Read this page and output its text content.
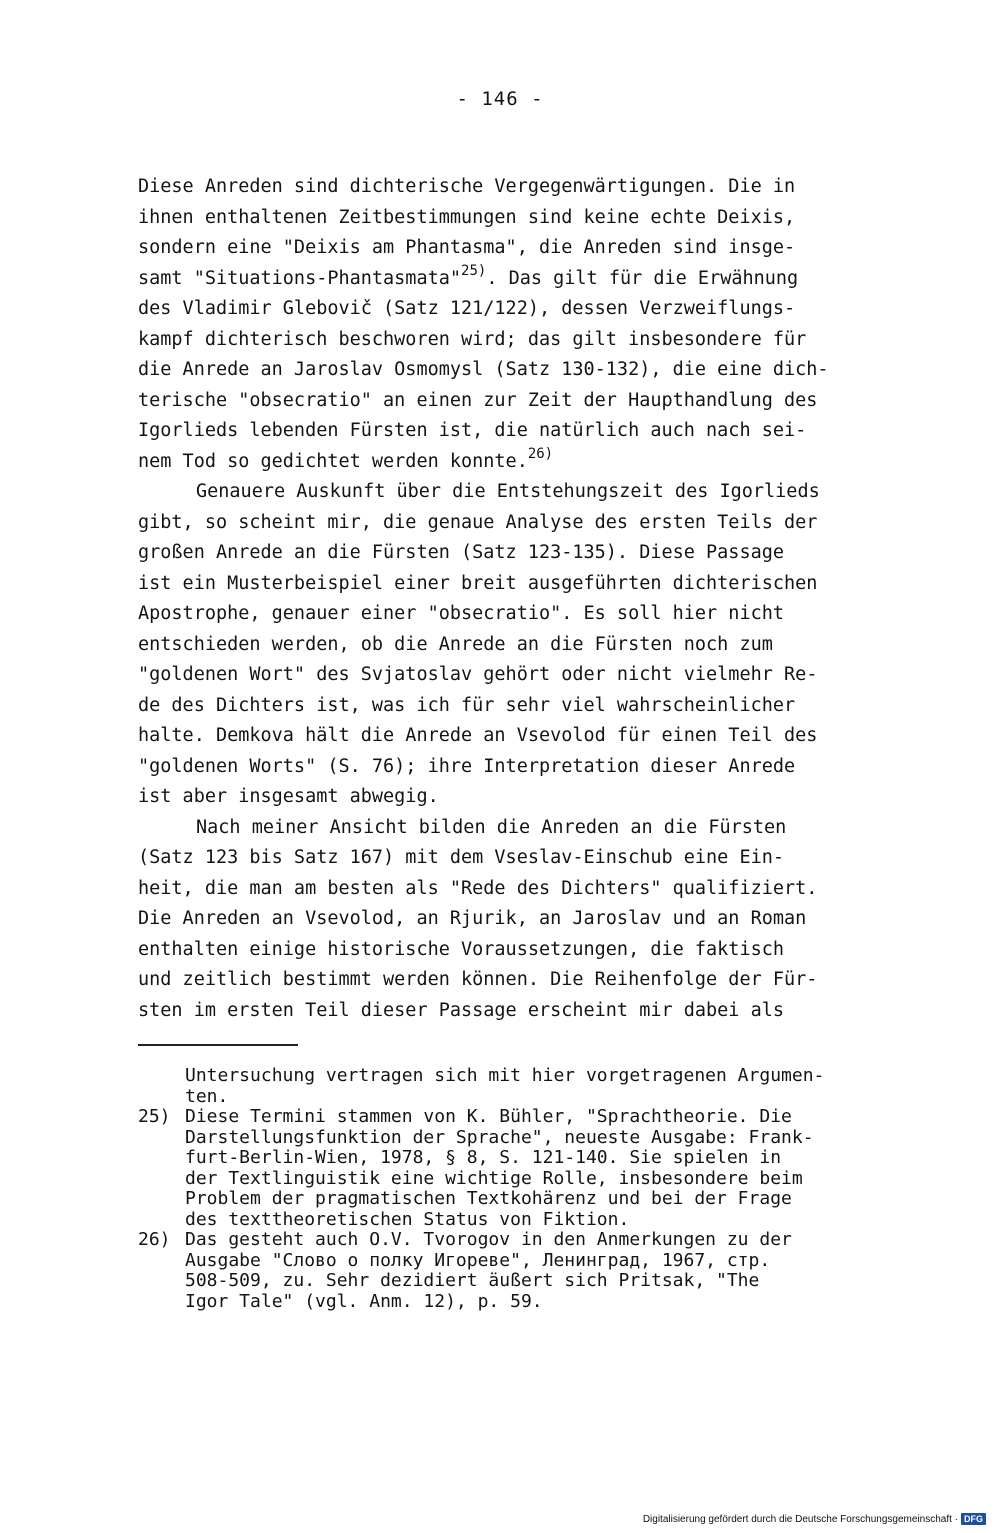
- 146 -
Diese Anreden sind dichterische Vergegenwärtigungen. Die in
ihnen enthaltenen Zeitbestimmungen sind keine echte Deixis,
sondern eine "Deixis am Phantasma", die Anreden sind insge-
samt "Situations-Phantasmata"$^{25)}$. Das gilt für die Erwähnung
des Vladimir Glebovič (Satz 121/122), dessen Verzweiflungs-
kampf dichterisch beschworen wird; das gilt insbesondere für
die Anrede an Jaroslav Osmomysl (Satz 130-132), die eine dich-
terische "obsecratio" an einen zur Zeit der Haupthandlung des
Igorlieds lebenden Fürsten ist, die natürlich auch nach sei-
nem Tod so gedichtet werden konnte.$^{26)}$
Genauere Auskunft über die Entstehungszeit des Igorlieds
gibt, so scheint mir, die genaue Analyse des ersten Teils der
großen Anrede an die Fürsten (Satz 123-135). Diese Passage
ist ein Musterbeispiel einer breit ausgeführten dichterischen
Apostrophe, genauer einer "obsecratio". Es soll hier nicht
entschieden werden, ob die Anrede an die Fürsten noch zum
"goldenen Wort" des Svjatoslav gehört oder nicht vielmehr Re-
de des Dichters ist, was ich für sehr viel wahrscheinlicher
halte. Demkova hält die Anrede an Vsevolod für einen Teil des
"goldenen Worts" (S. 76); ihre Interpretation dieser Anrede
ist aber insgesamt abwegig.
Nach meiner Ansicht bilden die Anreden an die Fürsten
(Satz 123 bis Satz 167) mit dem Vseslav-Einschub eine Ein-
heit, die man am besten als "Rede des Dichters" qualifiziert.
Die Anreden an Vsevolod, an Rjurik, an Jaroslav und an Roman
enthalten einige historische Voraussetzungen, die faktisch
und zeitlich bestimmt werden können. Die Reihenfolge der Für-
sten im ersten Teil dieser Passage erscheint mir dabei als
Untersuchung vertragen sich mit hier vorgetragenen Argumen-
ten.
25) Diese Termini stammen von K. Bühler, "Sprachtheorie. Die
Darstellungsfunktion der Sprache", neueste Ausgabe: Frank-
furt-Berlin-Wien, 1978, § 8, S. 121-140. Sie spielen in
der Textlinguistik eine wichtige Rolle, insbesondere beim
Problem der pragmatischen Textkohärenz und bei der Frage
des texttheoretischen Status von Fiktion.
26) Das gesteht auch O.V. Tvorogov in den Anmerkungen zu der
Ausgabe "Слово о полку Игореве", Ленинград, 1967, стр.
508-509, zu. Sehr dezidiert äußert sich Pritsak, "The
Igor Tale" (vgl. Anm. 12), p. 59.
Digitalisierung gefördert durch die Deutsche Forschungsgemeinschaft · DFG
